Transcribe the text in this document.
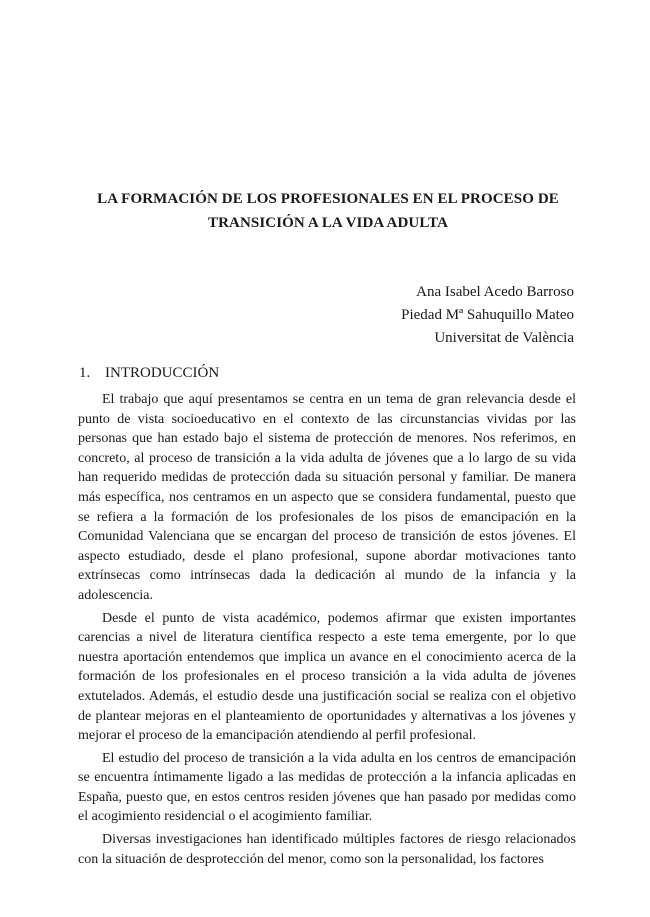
LA FORMACIÓN DE LOS PROFESIONALES EN EL PROCESO DE
TRANSICIÓN A LA VIDA ADULTA
Ana Isabel Acedo Barroso
Piedad Mª Sahuquillo Mateo
Universitat de València
1. INTRODUCCIÓN

El trabajo que aquí presentamos se centra en un tema de gran relevancia desde el punto de vista socioeducativo en el contexto de las circunstancias vividas por las personas que han estado bajo el sistema de protección de menores. Nos referimos, en concreto, al proceso de transición a la vida adulta de jóvenes que a lo largo de su vida han requerido medidas de protección dada su situación personal y familiar. De manera más específica, nos centramos en un aspecto que se considera fundamental, puesto que se refiera a la formación de los profesionales de los pisos de emancipación en la Comunidad Valenciana que se encargan del proceso de transición de estos jóvenes. El aspecto estudiado, desde el plano profesional, supone abordar motivaciones tanto extrínsecas como intrínsecas dada la dedicación al mundo de la infancia y la adolescencia.

Desde el punto de vista académico, podemos afirmar que existen importantes carencias a nivel de literatura científica respecto a este tema emergente, por lo que nuestra aportación entendemos que implica un avance en el conocimiento acerca de la formación de los profesionales en el proceso transición a la vida adulta de jóvenes extutelados. Además, el estudio desde una justificación social se realiza con el objetivo de plantear mejoras en el planteamiento de oportunidades y alternativas a los jóvenes y mejorar el proceso de la emancipación atendiendo al perfil profesional.

El estudio del proceso de transición a la vida adulta en los centros de emancipación se encuentra íntimamente ligado a las medidas de protección a la infancia aplicadas en España, puesto que, en estos centros residen jóvenes que han pasado por medidas como el acogimiento residencial o el acogimiento familiar.

Diversas investigaciones han identificado múltiples factores de riesgo relacionados con la situación de desprotección del menor, como son la personalidad, los factores
